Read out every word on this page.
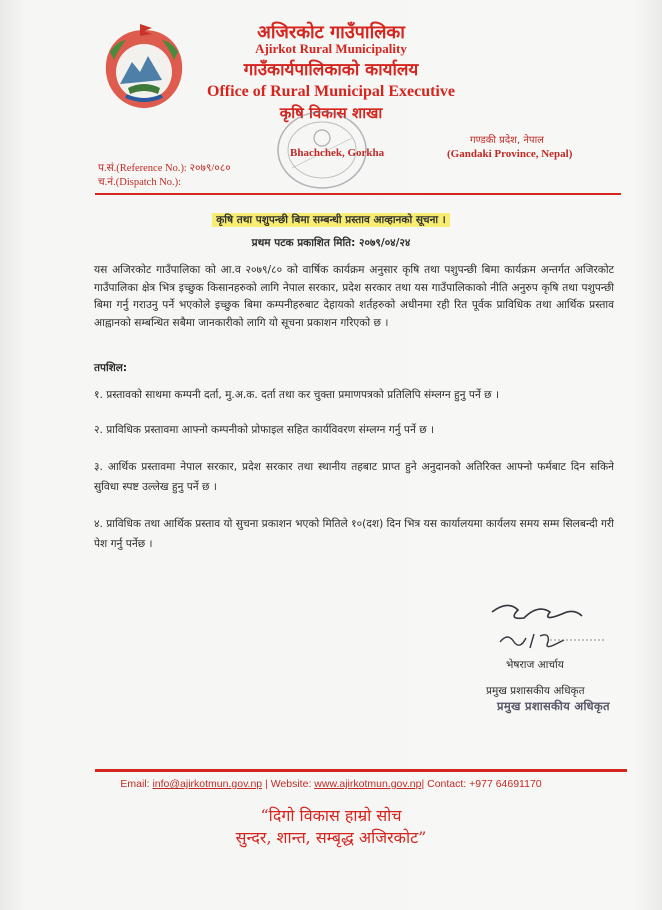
अजिरकोट गाउँपालिका
Ajirkot Rural Municipality
गाउँकार्यपालिकाको कार्यालय
Office of Rural Municipal Executive
कृषि विकास शाखा
Bhachchek, Gorkha
गण्डकी प्रदेश, नेपाल
(Gandaki Province, Nepal)
प.सं.(Reference No.): २०७९/०८०
च.नं.(Dispatch No.):
कृषि तथा पशुपन्छी बिमा सम्बन्धी प्रस्ताव आव्हानको सूचना ।
प्रथम पटक प्रकाशित मिति: २०७९/०४/२४
यस अजिरकोट गाउँपालिका को आ.व २०७९/८० को वार्षिक कार्यक्रम अनुसार कृषि तथा पशुपन्छी बिमा कार्यक्रम अन्तर्गत अजिरकोट गाउँपालिका क्षेत्र भित्र इच्छुक किसानहरुको लागि नेपाल सरकार, प्रदेश सरकार तथा यस गाउँपालिकाको नीति अनुरुप कृषि तथा पशुपन्छी बिमा गर्नु गराउनु पर्ने भएकोले इच्छुक बिमा कम्पनीहरुबाट देहायको शर्तहरुको अधीनमा रही रित पूर्वक प्राविधिक तथा आर्थिक प्रस्ताव आह्वानको सम्बन्धित सबैमा जानकारीको लागि यो सूचना प्रकाशन गरिएको छ ।
तपशिल:
१. प्रस्तावको साथमा कम्पनी दर्ता, मु.अ.क. दर्ता तथा कर चुक्ता प्रमाणपत्रको प्रतिलिपि संम्लग्न हुनु पर्ने छ ।
२. प्राविधिक प्रस्तावमा आफ्नो कम्पनीको प्रोफाइल सहित कार्यविवरण संम्लग्न गर्नु पर्ने छ ।
३. आर्थिक प्रस्तावमा नेपाल सरकार, प्रदेश सरकार तथा स्थानीय तहबाट प्राप्त हुने अनुदानको अतिरिक्त आफ्नो फर्मबाट दिन सकिने सुविधा स्पष्ट उल्लेख हुनु पर्ने छ ।
४. प्राविधिक तथा आर्थिक प्रस्ताव यो सुचना प्रकाशन भएको मितिले १०(दश) दिन भित्र यस कार्यालयमा कार्यलय समय सम्म सिलबन्दी गरी पेश गर्नु पर्नेछ ।
भेषराज आर्चाय
प्रमुख प्रशासकीय अधिकृत
प्रमुख प्रशासकीय अधिकृत
Email: info@ajirkotmun.gov.np | Website: www.ajirkotmun.gov.np| Contact: +977 64691170
“दिगो विकास हाम्रो सोच
सुन्दर, शान्त, सम्बृद्ध अजिरकोट”
